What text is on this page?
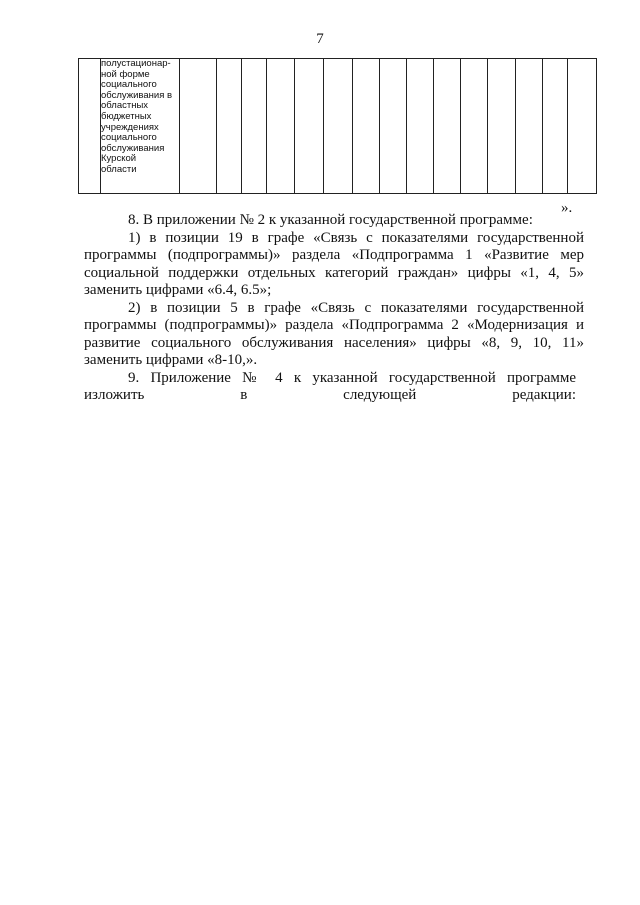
7

полустационар-
ной форме
социального
обслуживания в
областных
бюджетных
учреждениях
социального
обслуживания
Курской
области

».

8. В приложении № 2 к указанной государственной программе:

1) в позиции 19 в графе «Связь с показателями государственной программы (подпрограммы)» раздела «Подпрограмма 1 «Развитие мер социальной поддержки отдельных категорий граждан» цифры «1, 4, 5» заменить цифрами «6.4, 6.5»;

2) в позиции 5 в графе «Связь с показателями государственной программы (подпрограммы)» раздела «Подпрограмма 2 «Модернизация и развитие социального обслуживания населения» цифры «8, 9, 10, 11» заменить цифрами «8-10,».

9. Приложение № 4 к указанной государственной программе изложить в следующей редакции:
